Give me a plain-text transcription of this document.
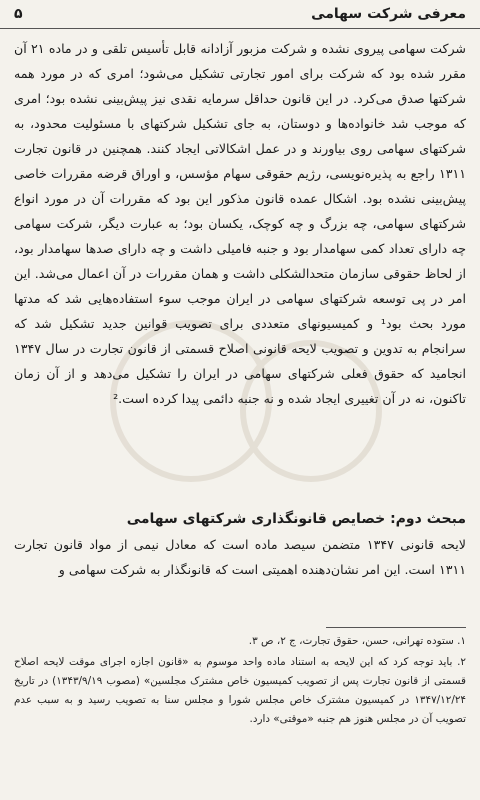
معرفی شرکت سهامی
۵
شرکت سهامی پیروی نشده و شرکت مزبور آزادانه قابل تأسیس تلقی و در ماده ۲۱ آن مقرر شده بود که شرکت برای امور تجارتی تشکیل می‌شود؛ امری که در مورد همه شرکتها صدق می‌کرد. در این قانون حداقل سرمایه نقدی نیز پیش‌بینی نشده بود؛ امری که موجب شد خانواده‌ها و دوستان، به جای تشکیل شرکتهای با مسئولیت محدود، به شرکتهای سهامی روی بیاورند و در عمل اشکالاتی ایجاد کنند. همچنین در قانون تجارت ۱۳۱۱ راجع به پذیره‌نویسی، رژیم حقوقی سهام مؤسس، و اوراق قرضه مقررات خاصی پیش‌بینی نشده بود. اشکال عمده قانون مذکور این بود که مقررات آن در مورد انواع شرکتهای سهامی، چه بزرگ و چه کوچک، یکسان بود؛ به عبارت دیگر، شرکت سهامی چه دارای تعداد کمی سهامدار بود و جنبه فامیلی داشت و چه دارای صدها سهامدار بود، از لحاظ حقوقی سازمان متحدالشکلی داشت و همان مقررات در آن اعمال می‌شد. این امر در پی توسعه شرکتهای سهامی در ایران موجب سوء استفاده‌هایی شد که مدتها مورد بحث بود¹ و کمیسیونهای متعددی برای تصویب قوانین جدید تشکیل شد که سرانجام به تدوین و تصویب لایحه قانونی اصلاح قسمتی از قانون تجارت در سال ۱۳۴۷ انجامید که حقوق فعلی شرکتهای سهامی در ایران را تشکیل می‌دهد و از آن زمان تاکنون، نه در آن تغییری ایجاد شده و نه جنبه دائمی پیدا کرده است.²
مبحث دوم: خصایص قانونگذاری شرکتهای سهامی
لایحه قانونی ۱۳۴۷ متضمن سیصد ماده است که معادل نیمی از مواد قانون تجارت ۱۳۱۱ است. این امر نشان‌دهنده اهمیتی است که قانونگذار به شرکت سهامی و

۱. ستوده تهرانی، حسن، حقوق تجارت، ج ۲، ص ۳.

۲. باید توجه کرد که این لایحه به استناد ماده واحد موسوم به «قانون اجازه اجرای موقت لایحه اصلاح قسمتی از قانون تجارت پس از تصویب کمیسیون خاص مشترک مجلسین» (مصوب ۱۳۴۳/۹/۱۹) در تاریخ ۱۳۴۷/۱۲/۲۴ در کمیسیون مشترک خاص مجلس شورا و مجلس سنا به تصویب رسید و به سبب عدم تصویب آن در مجلس هنوز هم جنبه «موقتی» دارد.
